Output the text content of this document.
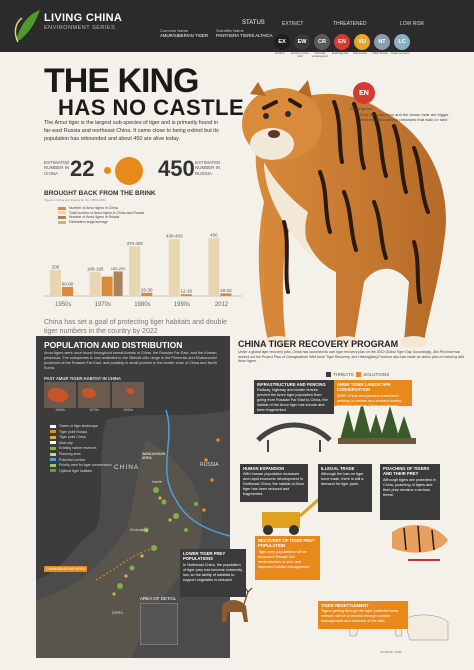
LIVING CHINA
ENVIRONMENT SERIES	Common Name
AMUR/SIBERIAN TIGER
Scientific Name
PANTHERA TIGRIS ALTAICA
STATUS	EXTINCT	THREATENED	LOW RISK
EX	EW	CR	EN	VU	NT	LC
Extinct	Extinct in the wild
Critically endangered
Endangered	Vulnerable	Near threat	Least concern
THE KING
HAS NO CASTLE
The Amur tiger is the largest sub-species of tiger and is primarily found in far-east Russia and northeast China. It came close to being extinct but its population has rebounded and about 450 are alive today.
ESTIMATED NUMBER IN CHINA 22	450 ESTIMATED NUMBER IN RUSSIA
EN
Endangered
Only the polar bear and the brown bear are bigger than the Amur among predators that walk on land
BROUGHT BACK FROM THE BRINK
Tigers in China and Russia for the 1950s-2012
200
60-80
1950s
180-190 180-200
1970s
370-400
20-30
1980s
430-450
12-16
1990s
450
18-22
2012
Number of Amur tigers in China
Total number of Amur tigers in China and Russia
Number of Amur tigers in Russia
Estimated range/average
China has set a goal of protecting tiger habitats and double tiger numbers in the country by 2022
POPULATION AND DISTRIBUTION
Amur tigers were once found throughout boreal forests in China, the Russian Far East, and the Korean peninsula. The subspecies is now restricted to the Sikhote-Alin range in the Primorski and Khabarovski provinces of the Russian Far East, and possibly in small pockets in the border zone of China and North Korea.
PAST AMUR TIGER HABITAT IN CHINA
1950s	1970s	1990s
Towns or tiger landscape
Tiger point Russia
Tiger point China
Main city
Existing nature reserves
Planning area
Potential corridor
Priority area for tiger conservation
Optimal tiger habitats	CHINA	RUSSIA
WANDASHAN AREA
Harbin
Mudanjiang
CHANGBAISHAN AREA
DPRK
AREA OF DETAIL
CHINA TIGER RECOVERY PROGRAM
Under a global tiger recovery plan, China has launched its own tiger recovery plan on the 2010 Global Tiger Day. Accordingly, Jilin Province has worked out the Project Plan of Changbaishan Wild Amur Tiger Recovery, and Heilongjiang Province also has made an action plan of restoring wild Amur tigers.
THREATS SOLUTIONS
INFRASTRUCTURE AND FENCING
Railway, highway and border fences prevent the Amur tiger population from going from Russian Far East to China, the habitat of the Amur tiger has shrunk and been fragmented.
AMUR TIGER LANDSCAPE CONSERVATION
WWF-China and partners have been working to restore and connect habitat corridors between China and Russia.
HUMAN EXPANSION
With human population increases and rapid economic development in Northeast China, the habitat of Amur tiger has been reduced and fragmented.
ILLEGAL TRADE
Although the ban on tiger bone trade, there is still a demand for tiger parts.
POACHING OF TIGERS AND THEIR PREY
Although tigers are protected in China, poaching of tigers and their prey remains a serious threat.
RECOVERY OF TIGER PREY POPULATION
Tiger prey populations will be increased through the reintroduction of deer and improved habitat management.
LOWER TIGER PREY POPULATIONS
In Northeast China, the population of tiger prey has become extremely low, so the ability of habitats to support ungulates is reduced.
TIGER RESETTLEMENT
Tigers getting through the tiger protected area network will be protected through corridor management and recovery of the wild.
SOURCE: WWF
